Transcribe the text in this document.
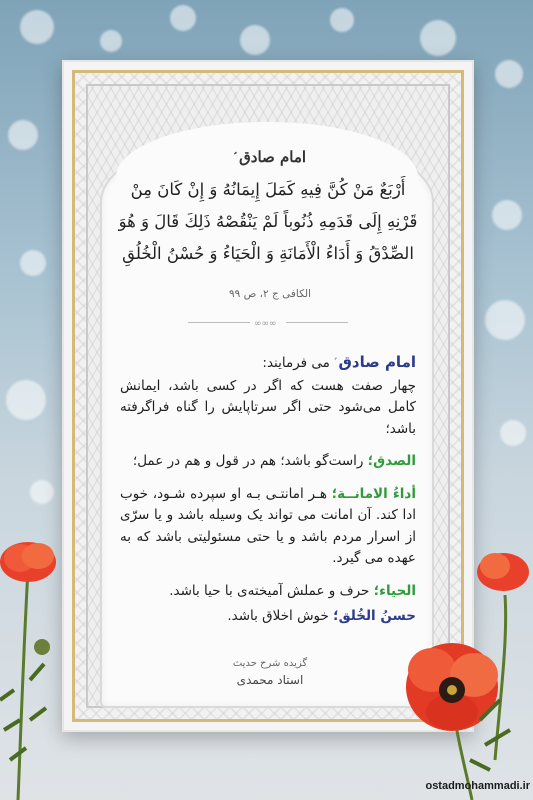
امام صادق
أَرْبَعٌ مَنْ كُنَّ فِيهِ كَمَلَ إِيمَانُهُ وَ إِنْ كَانَ مِنْ
قَرْنِهِ إِلَى قَدَمِهِ ذُنُوباً لَمْ يَنْقُصْهُ ذَلِكَ قَالَ وَ هُوَ
الصِّدْقُ وَ أَدَاءُ الْأَمَانَةِ وَ الْحَيَاءُ وَ حُسْنُ الْخُلُقِ
الکافی ج ۲، ص ۹۹
∞∞∞

امام صادق می فرمایند:
چهار صفت هست که اگر در کسی باشد، ایمانش کامل می‌شود حتی اگر سرتاپایش را گناه فراگرفته باشد؛

الصدق؛ راست‌گو باشد؛ هم در قول و هم در عمل؛

أداءُ الامانــة؛ هـر امانتـی بـه او سپرده شـود، خوب ادا کند. آن امانت می تواند یک وسیله باشد و یا سرّی از اسرار مردم باشد و یا حتی مسئولیتی باشد که به عهده می گیرد.

الحیاء؛ حرف و عملش آمیخته‌ی با حیا باشد.

حسنُ الخُلق؛ خوش اخلاق باشد.

گزیده شرح حدیث
استاد محمدی
ostadmohammadi.ir
